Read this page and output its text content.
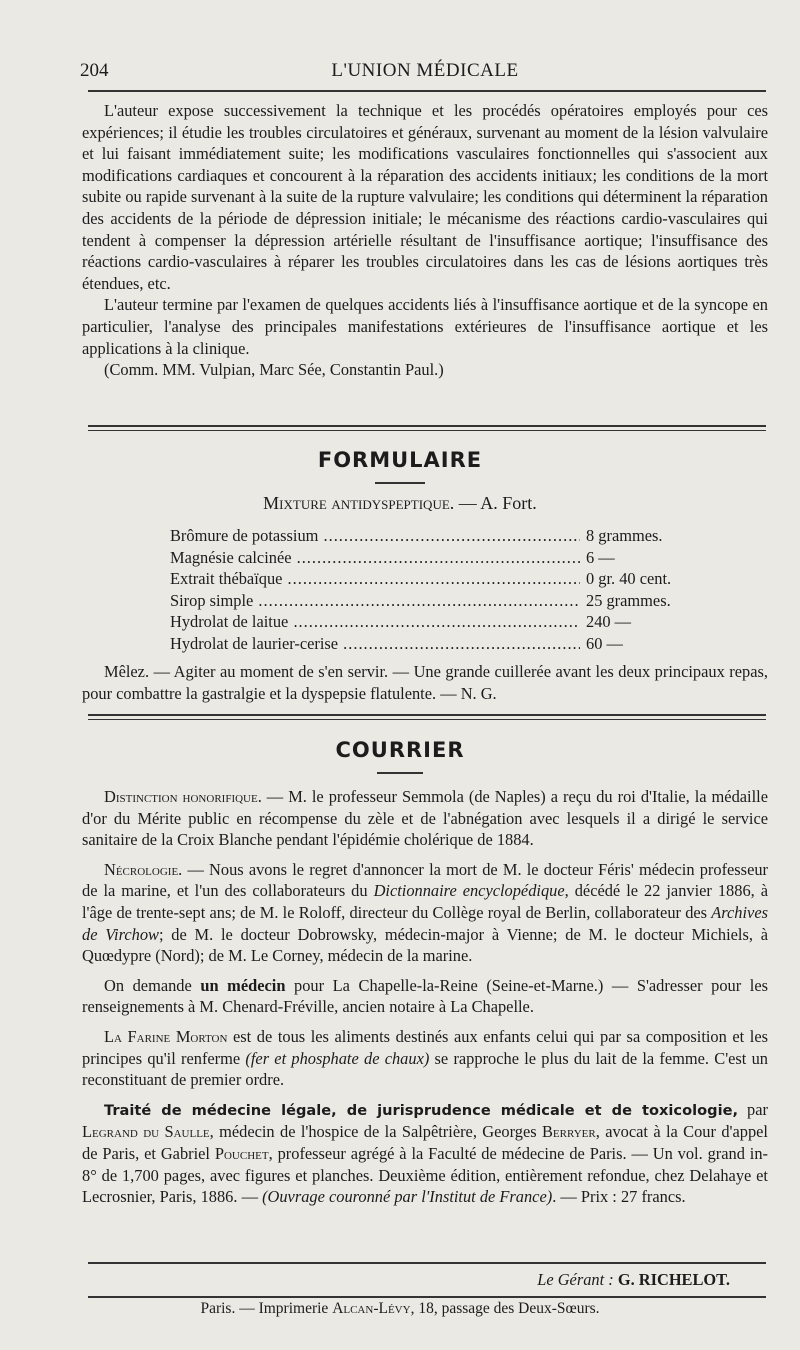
204	L'UNION MÉDICALE

L'auteur expose successivement la technique et les procédés opératoires employés pour ces expériences; il étudie les troubles circulatoires et généraux, survenant au moment de la lésion valvulaire et lui faisant immédiatement suite; les modifications vasculaires fonctionnelles qui s'associent aux modifications cardiaques et concourent à la réparation des accidents initiaux; les conditions de la mort subite ou rapide survenant à la suite de la rupture valvulaire; les conditions qui déterminent la réparation des accidents de la période de dépression initiale; le mécanisme des réactions cardio-vasculaires qui tendent à compenser la dépression artérielle résultant de l'insuffisance aortique; l'insuffisance des réactions cardio-vasculaires à réparer les troubles circulatoires dans les cas de lésions aortiques très étendues, etc.

L'auteur termine par l'examen de quelques accidents liés à l'insuffisance aortique et de la syncope en particulier, l'analyse des principales manifestations extérieures de l'insuffisance aortique et les applications à la clinique.

(Comm. MM. Vulpian, Marc Sée, Constantin Paul.)

FORMULAIRE
Mixture antidyspeptique. — A. Fort.
Brômure de potassium .....	8 grammes.
Magnésie calcinée .....	6 —
Extrait thébaïque .....	0 gr. 40 cent.
Sirop simple .....	25 grammes.
Hydrolat de laitue .....	240 —
Hydrolat de laurier-cerise .....	60 —

Mêlez. — Agiter au moment de s'en servir. — Une grande cuillerée avant les deux principaux repas, pour combattre la gastralgie et la dyspepsie flatulente. — N. G.

COURRIER

Distinction honorifique. — M. le professeur Semmola (de Naples) a reçu du roi d'Italie, la médaille d'or du Mérite public en récompense du zèle et de l'abnégation avec lesquels il a dirigé le service sanitaire de la Croix Blanche pendant l'épidémie cholérique de 1884.

Nécrologie. — Nous avons le regret d'annoncer la mort de M. le docteur Féris' médecin professeur de la marine, et l'un des collaborateurs du Dictionnaire encyclopédique, décédé le 22 janvier 1886, à l'âge de trente-sept ans; de M. le Roloff, directeur du Collège royal de Berlin, collaborateur des Archives de Virchow; de M. le docteur Dobrowsky, médecin-major à Vienne; de M. le docteur Michiels, à Quœdypre (Nord); de M. Le Corney, médecin de la marine.

On demande un médecin pour La Chapelle-la-Reine (Seine-et-Marne.) — S'adresser pour les renseignements à M. Chenard-Fréville, ancien notaire à La Chapelle.

La Farine Morton est de tous les aliments destinés aux enfants celui qui par sa composition et les principes qu'il renferme (fer et phosphate de chaux) se rapproche le plus du lait de la femme. C'est un reconstituant de premier ordre.

Traité de médecine légale, de jurisprudence médicale et de toxicologie, par Legrand du Saulle, médecin de l'hospice de la Salpêtrière, Georges Berryer, avocat à la Cour d'appel de Paris, et Gabriel Pouchet, professeur agrégé à la Faculté de médecine de Paris. — Un vol. grand in-8° de 1,700 pages, avec figures et planches. Deuxième édition, entièrement refondue, chez Delahaye et Lecrosnier, Paris, 1886. — (Ouvrage couronné par l'Institut de France). — Prix : 27 francs.

Le Gérant : G. RICHELOT.
Paris. — Imprimerie Alcan-Lévy, 18, passage des Deux-Sœurs.
